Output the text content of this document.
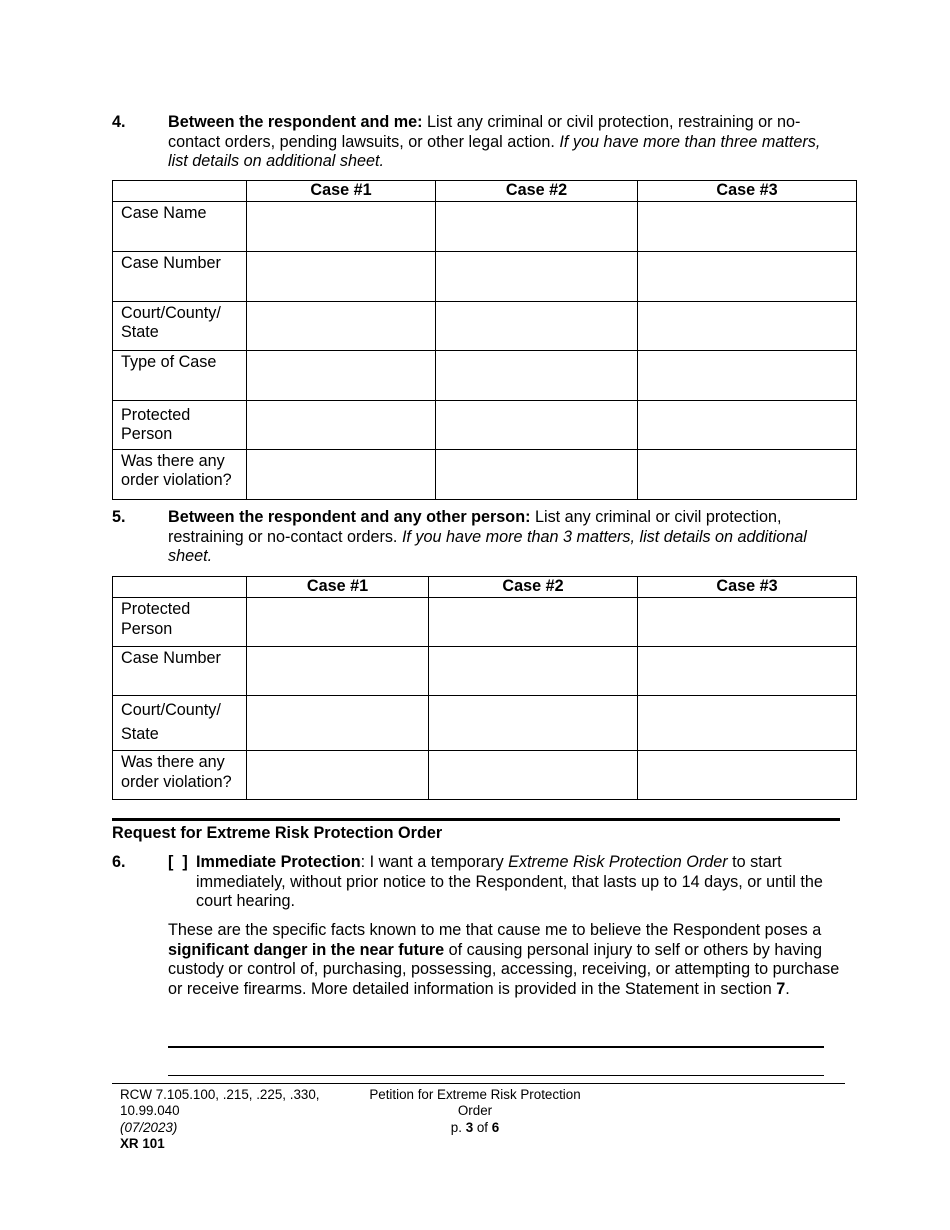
4.	Between the respondent and me: List any criminal or civil protection, restraining or no-contact orders, pending lawsuits, or other legal action. If you have more than three matters, list details on additional sheet.
	Case #1	Case #2	Case #3
Case Name			
Case Number			
Court/County/ State			
Type of Case			
Protected Person			
Was there any order violation?			
5.	Between the respondent and any other person: List any criminal or civil protection, restraining or no-contact orders. If you have more than 3 matters, list details on additional sheet.
	Case #1	Case #2	Case #3
Protected Person			
Case Number			
Court/County/ State			
Was there any order violation?			
Request for Extreme Risk Protection Order
6.	[  ] Immediate Protection: I want a temporary Extreme Risk Protection Order to start immediately, without prior notice to the Respondent, that lasts up to 14 days, or until the court hearing.
These are the specific facts known to me that cause me to believe the Respondent poses a significant danger in the near future of causing personal injury to self or others by having custody or control of, purchasing, possessing, accessing, receiving, or attempting to purchase or receive firearms. More detailed information is provided in the Statement in section 7.
RCW 7.105.100, .215, .225, .330,
10.99.040
(07/2023)
XR 101
Petition for Extreme Risk Protection
Order
p. 3 of 6
